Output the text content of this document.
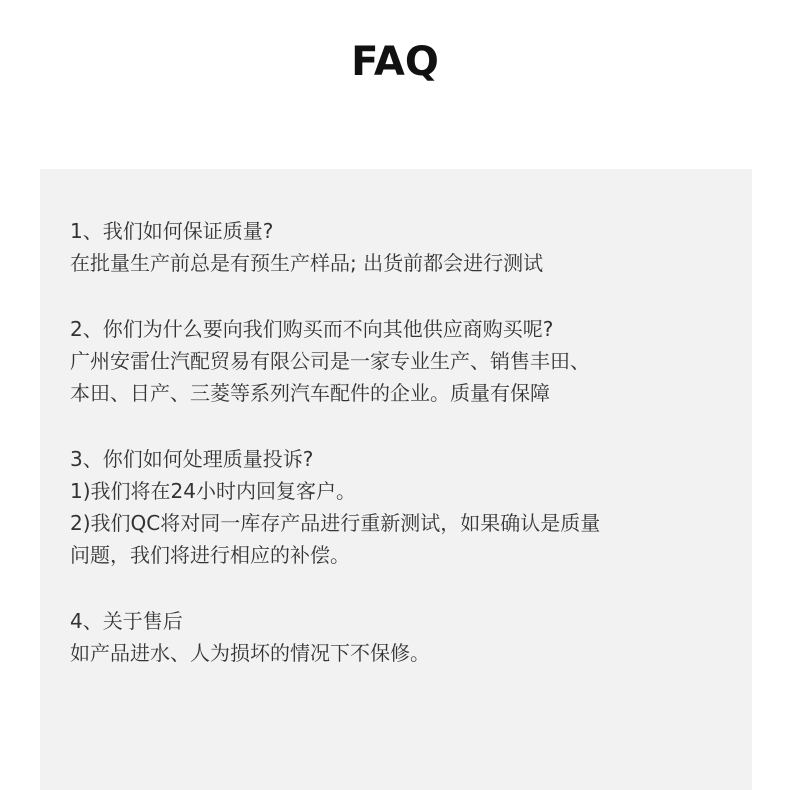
FAQ
1、我们如何保证质量?
在批量生产前总是有预生产样品; 出货前都会进行测试
2、你们为什么要向我们购买而不向其他供应商购买呢?
广州安雷仕汽配贸易有限公司是一家专业生产、销售丰田、
本田、日产、三菱等系列汽车配件的企业。质量有保障
3、你们如何处理质量投诉?
1)我们将在24小时内回复客户。
2)我们QC将对同一库存产品进行重新测试，如果确认是质量
问题，我们将进行相应的补偿。
4、关于售后
如产品进水、人为损坏的情况下不保修。
